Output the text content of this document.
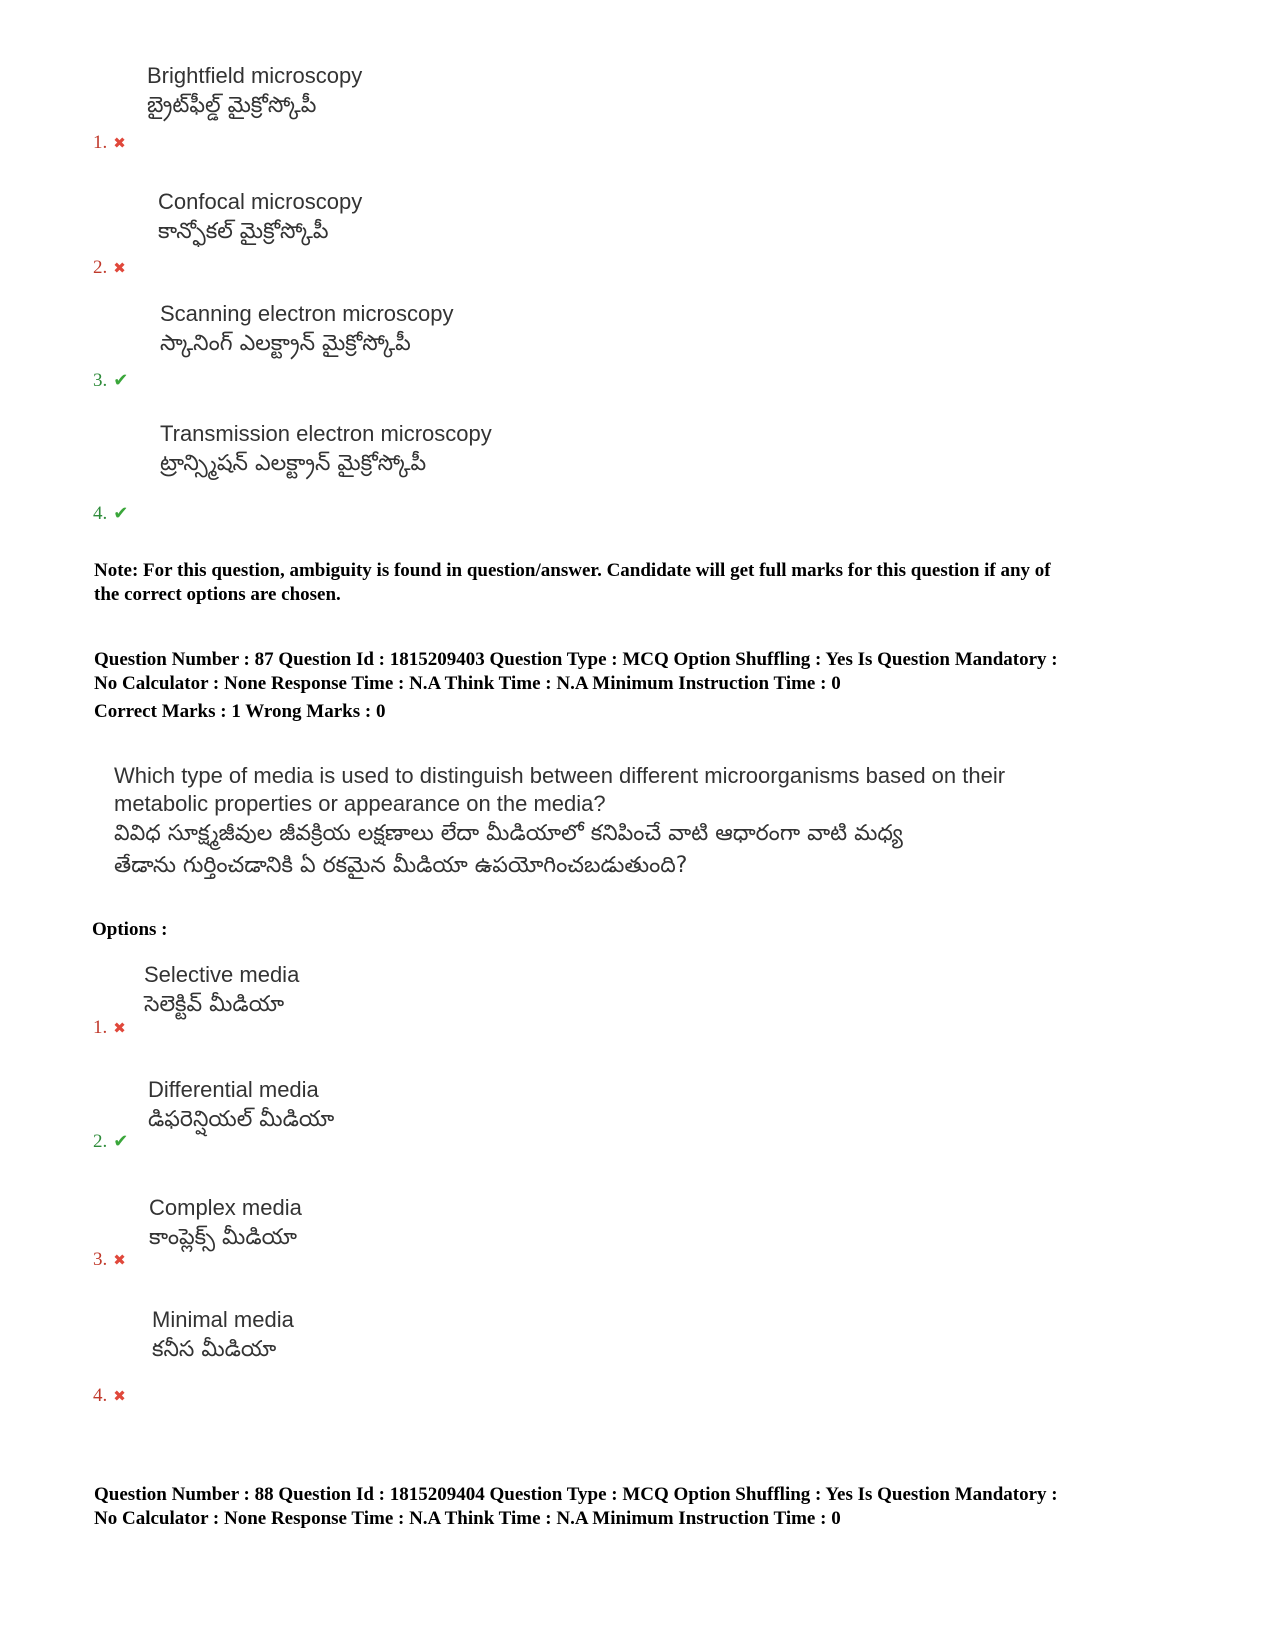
Brightfield microscopy
బ్రైట్‌ఫీల్డ్ మైక్రోస్కోపీ
1. ✖
Confocal microscopy
కాన్ఫోకల్ మైక్రోస్కోపీ
2. ✖
Scanning electron microscopy
స్కానింగ్ ఎలక్ట్రాన్ మైక్రోస్కోపీ
3. ✔
Transmission electron microscopy
ట్రాన్స్మిషన్ ఎలక్ట్రాన్ మైక్రోస్కోపీ
4. ✔
Note: For this question, ambiguity is found in question/answer. Candidate will get full marks for this question if any of
the correct options are chosen.
Question Number : 87 Question Id : 1815209403 Question Type : MCQ Option Shuffling : Yes Is Question Mandatory :
No Calculator : None Response Time : N.A Think Time : N.A Minimum Instruction Time : 0
Correct Marks : 1 Wrong Marks : 0
Which type of media is used to distinguish between different microorganisms based on their
metabolic properties or appearance on the media?
వివిధ సూక్ష్మజీవుల జీవక్రియ లక్షణాలు లేదా మీడియాలో కనిపించే వాటి ఆధారంగా వాటి మధ్య
తేడాను గుర్తించడానికి ఏ రకమైన మీడియా ఉపయోగించబడుతుంది?
Options :
Selective media
సెలెక్టివ్ మీడియా
1. ✖
Differential media
డిఫరెన్షియల్ మీడియా
2. ✔
Complex media
కాంప్లెక్స్ మీడియా
3. ✖
Minimal media
కనీస మీడియా
4. ✖
Question Number : 88 Question Id : 1815209404 Question Type : MCQ Option Shuffling : Yes Is Question Mandatory :
No Calculator : None Response Time : N.A Think Time : N.A Minimum Instruction Time : 0
